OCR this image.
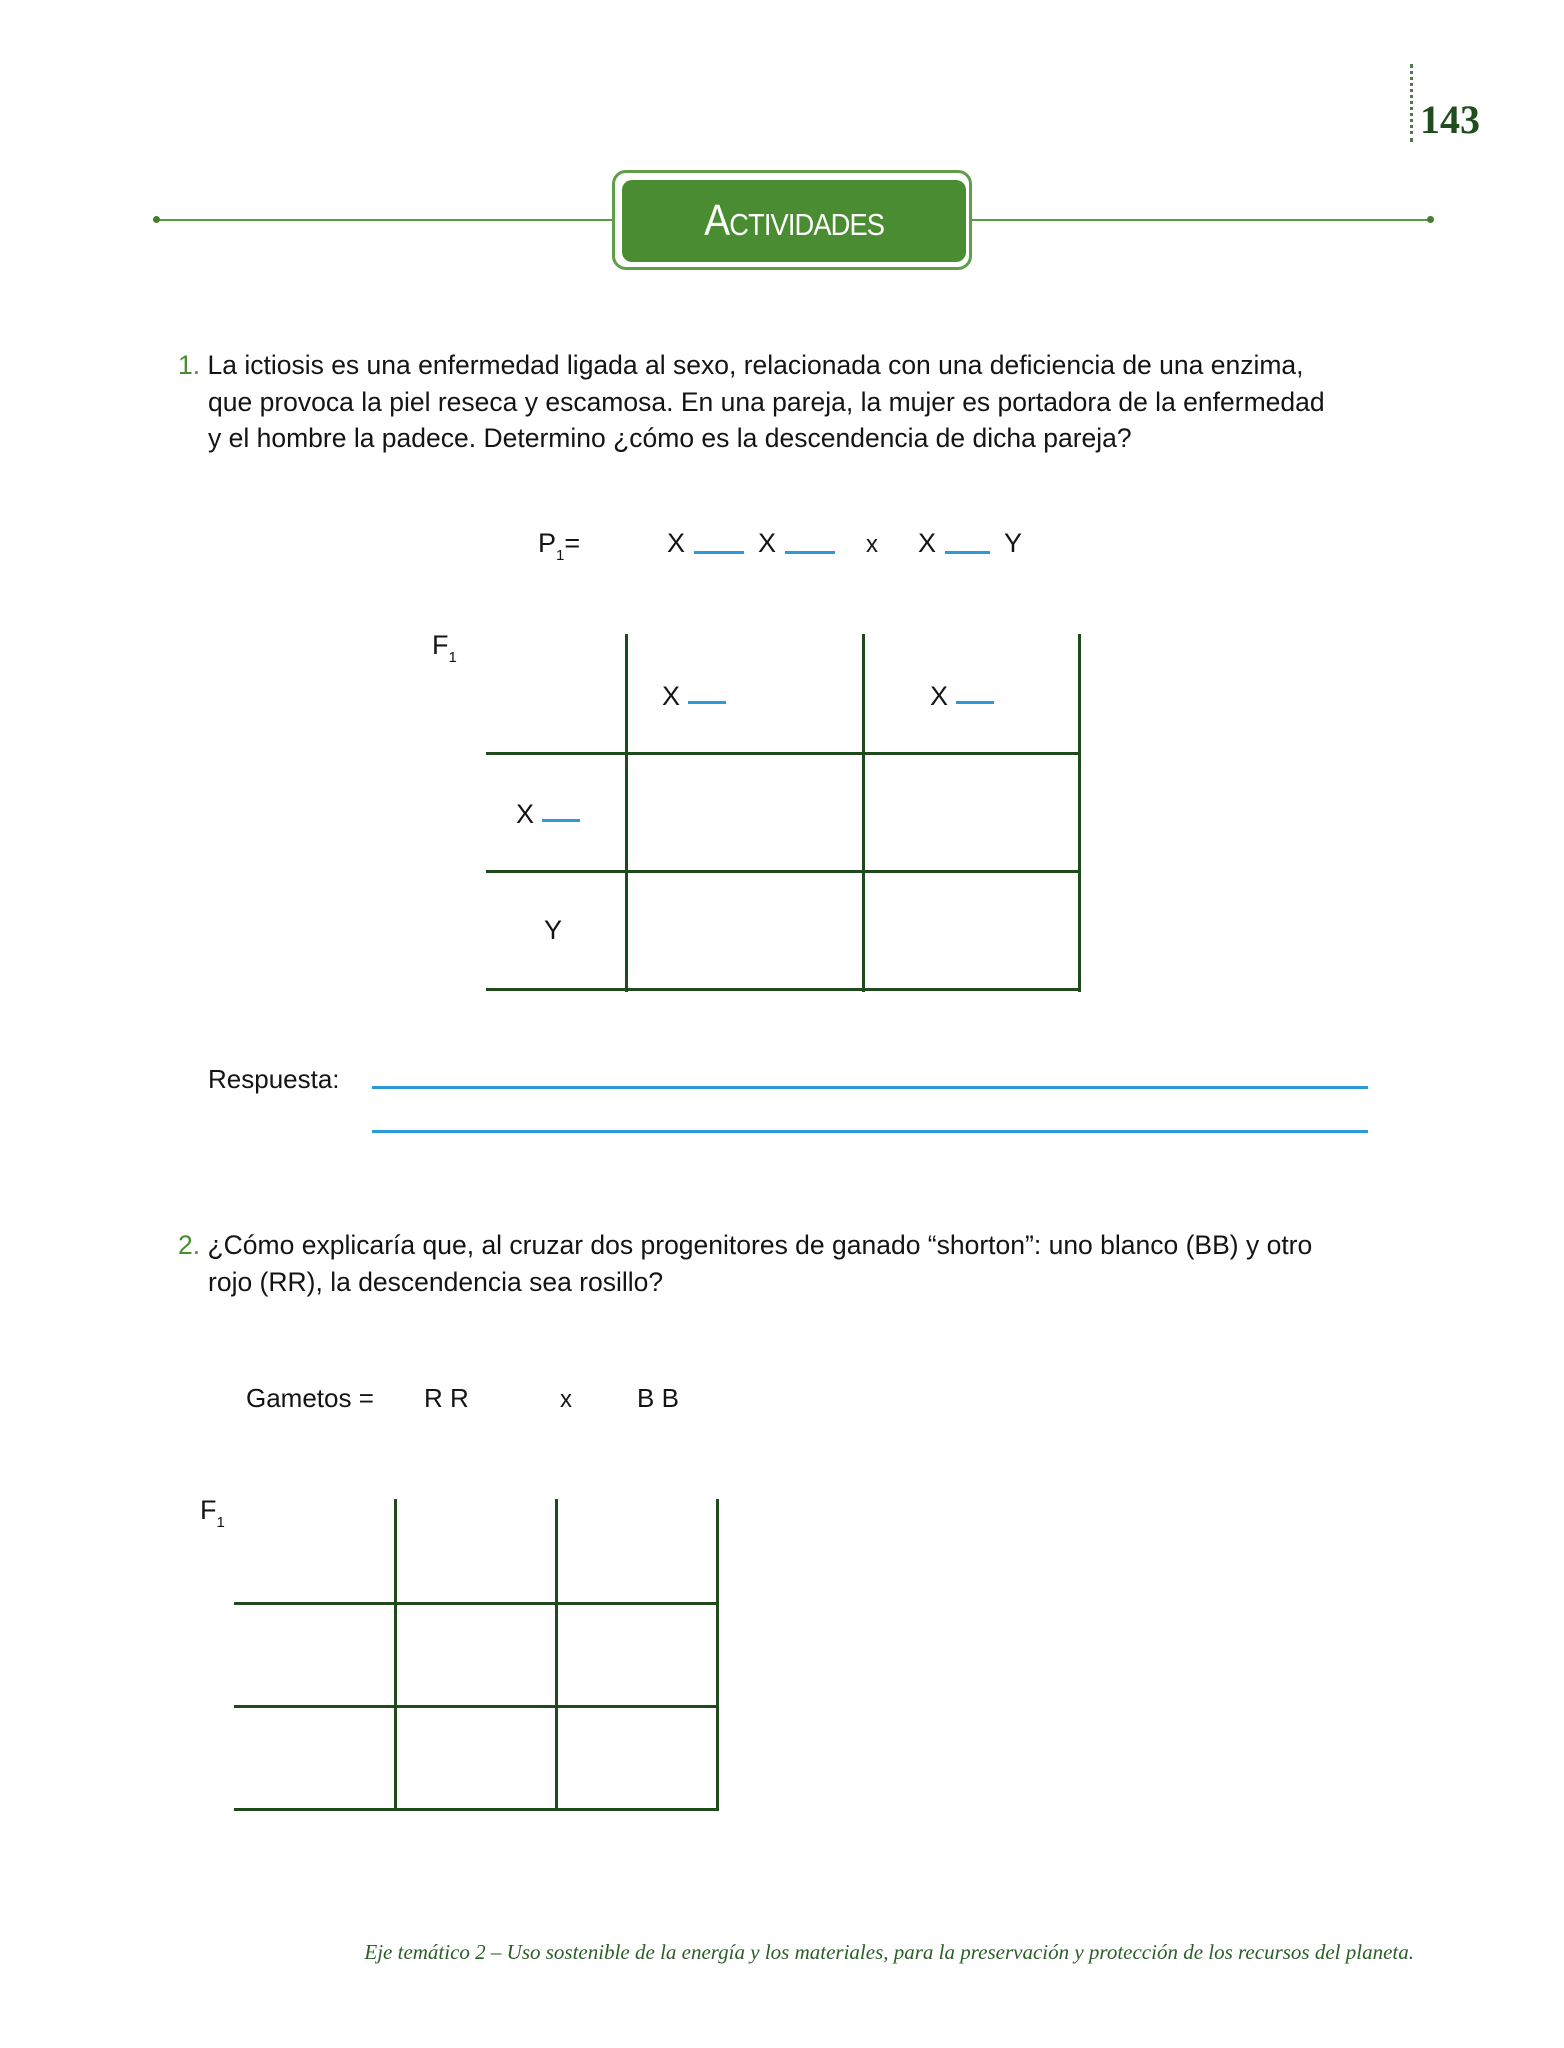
143
Actividades
1. La ictiosis es una enfermedad ligada al sexo, relacionada con una deficiencia de una enzima,
que provoca la piel reseca y escamosa. En una pareja, la mujer es portadora de la enfermedad
y el hombre la padece. Determino ¿cómo es la descendencia de dicha pareja?
$P_1=$	X	X	x X	Y
$F_1$
X	X
X
Y
Respuesta:
2. ¿Cómo explicaría que, al cruzar dos progenitores de ganado “shorton”: uno blanco (BB) y otro
rojo (RR), la descendencia sea rosillo?
Gametos = R R	x	B B
$F_1$
Eje temático 2 – Uso sostenible de la energía y los materiales, para la preservación y protección de los recursos del planeta.
